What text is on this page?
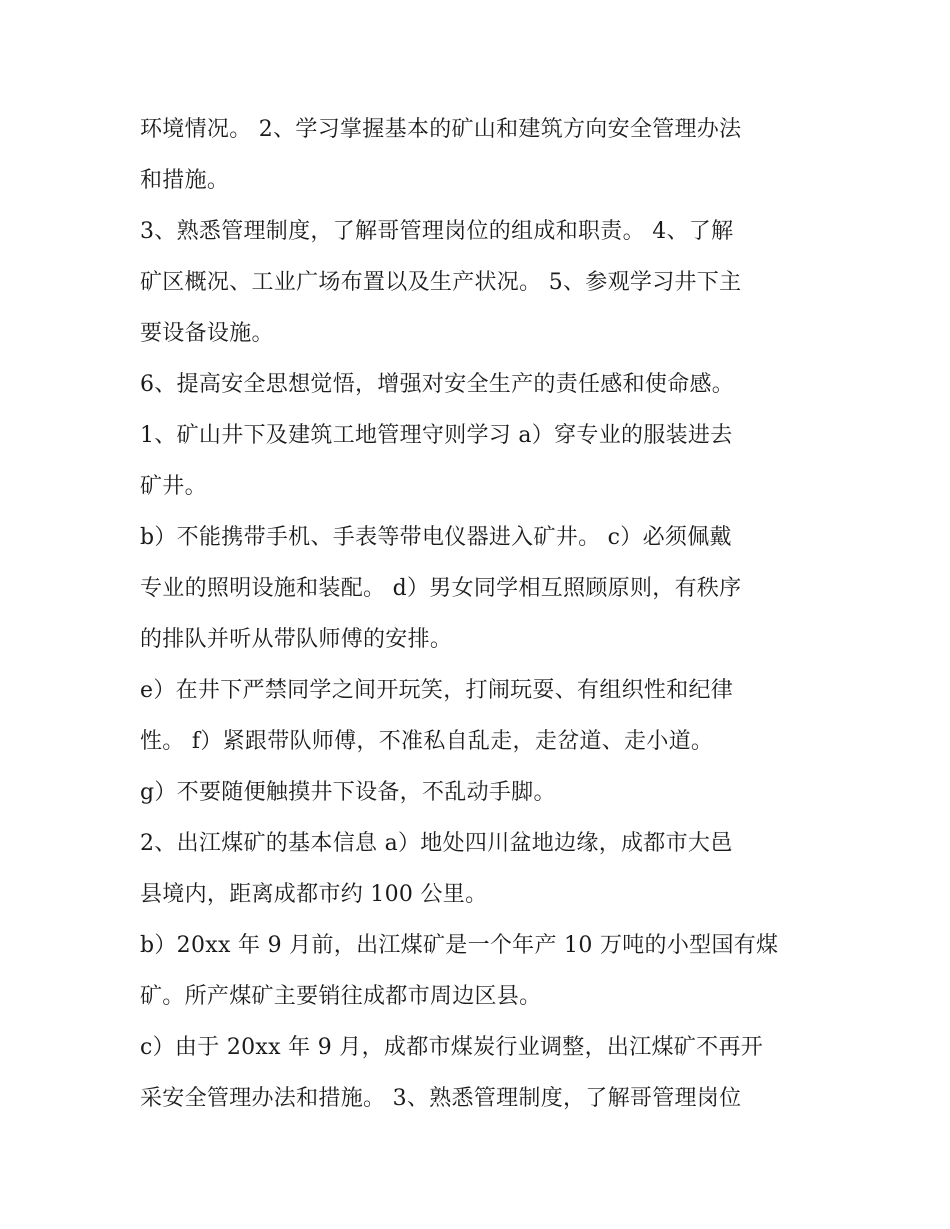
环境情况。 2、学习掌握基本的矿山和建筑方向安全管理办法
和措施。
3、熟悉管理制度，了解哥管理岗位的组成和职责。 4、了解
矿区概况、工业广场布置以及生产状况。 5、参观学习井下主
要设备设施。
6、提高安全思想觉悟，增强对安全生产的责任感和使命感。
1、矿山井下及建筑工地管理守则学习 a）穿专业的服装进去
矿井。
b）不能携带手机、手表等带电仪器进入矿井。 c）必须佩戴
专业的照明设施和装配。 d）男女同学相互照顾原则，有秩序
的排队并听从带队师傅的安排。
e）在井下严禁同学之间开玩笑，打闹玩耍、有组织性和纪律
性。 f）紧跟带队师傅，不准私自乱走，走岔道、走小道。
g）不要随便触摸井下设备，不乱动手脚。
2、出江煤矿的基本信息 a）地处四川盆地边缘，成都市大邑
县境内，距离成都市约 100 公里。
b）20xx 年 9 月前，出江煤矿是一个年产 10 万吨的小型国有煤
矿。所产煤矿主要销往成都市周边区县。
c）由于 20xx 年 9 月，成都市煤炭行业调整，出江煤矿不再开
采安全管理办法和措施。 3、熟悉管理制度，了解哥管理岗位
